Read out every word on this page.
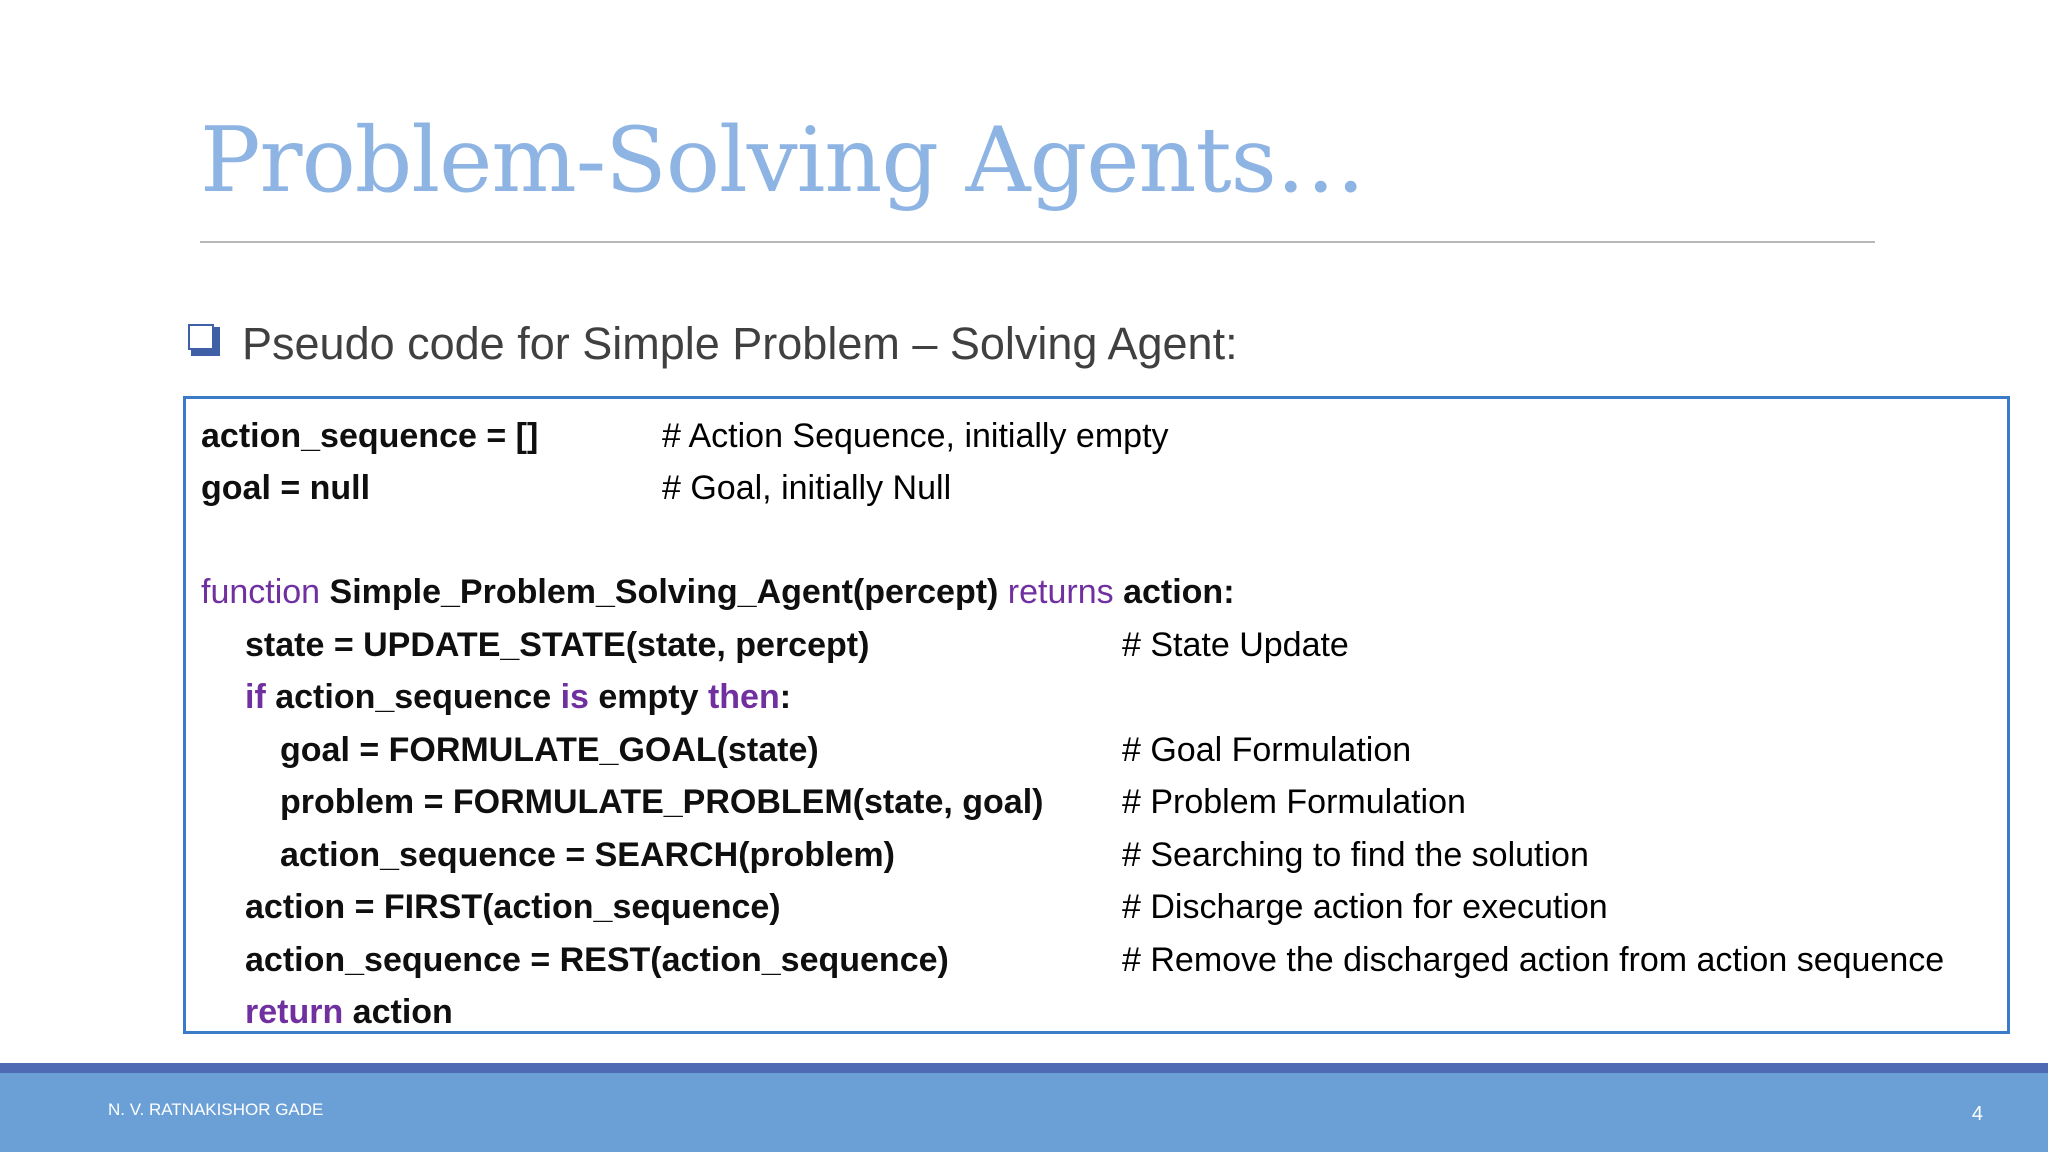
Problem-Solving Agents…
Pseudo code for Simple Problem – Solving Agent:
action_sequence = []	# Action Sequence, initially empty
goal = null	# Goal, initially Null
function Simple_Problem_Solving_Agent(percept) returns action:
state = UPDATE_STATE(state, percept)	# State Update
if action_sequence is empty then:
goal = FORMULATE_GOAL(state)	# Goal Formulation
problem = FORMULATE_PROBLEM(state, goal) # Problem Formulation
action_sequence = SEARCH(problem)	# Searching to find the solution
action = FIRST(action_sequence)	# Discharge action for execution
action_sequence = REST(action_sequence)	# Remove the discharged action from action sequence
return action
N. V. RATNAKISHOR GADE	4
